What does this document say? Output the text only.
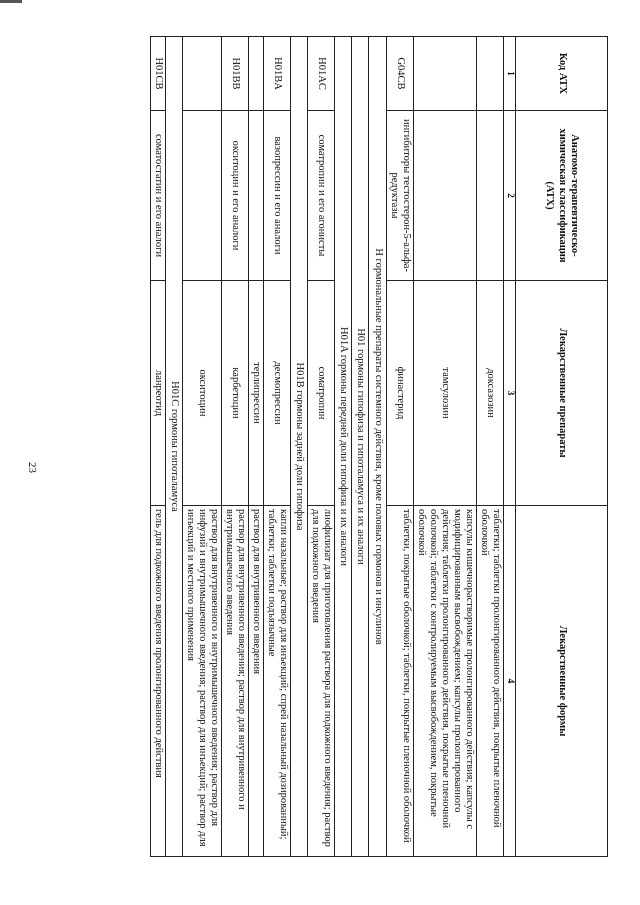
23
Код АТХ	Анатомо-терапевтическо-химическая классификация (АТХ)	Лекарственные препараты	Лекарственные формы
1	2	3	4
		доксазозин	таблетки; таблетки пролонгированного действия, покрытые пленочной оболочкой
		тамсулозин	капсулы кишечнорастворимые пролонгированного действия; капсулы с модифицированным высвобождением; капсулы пролонгированного действия; таблетки пролонгированного действия, покрытые пленочной оболочкой; таблетки с контролируемым высвобождением, покрытые оболочкой
G04CB	ингибиторы тестостерон-5-альфа-редуктазы	финастерид	таблетки, покрытые оболочкой; таблетки, покрытые пленочной оболочкой
H гормональные препараты системного действия, кроме половых гормонов и инсулинов			
H01 гормоны гипофиза и гипоталамуса и их аналоги			
H01A гормоны передней доли гипофиза и их аналоги			
H01AC	соматропин и его агонисты	соматропин	лиофилизат для приготовления раствора для подкожного введения; раствор для подкожного введения
H01B гормоны задней доли гипофиза			
H01BA	вазопрессин и его аналоги	десмопрессин	капли назальные; раствор для инъекций; спрей назальный дозированный; таблетки; таблетки подъязычные
		терлипрессин	раствор для внутривенного введения
H01BB	окситоцин и его аналоги	карбетоцин	раствор для внутривенного введения; раствор для внутривенного и внутримышечного введения
		окситоцин	раствор для внутривенного и внутримышечного введения; раствор для инфузий и внутримышечного введения; раствор для инъекций; раствор для инъекций и местного применения
H01C гормоны гипоталамуса			
H01CB	соматостатин и его аналоги	ланреотид	гель для подкожного введения пролонгированного действия
